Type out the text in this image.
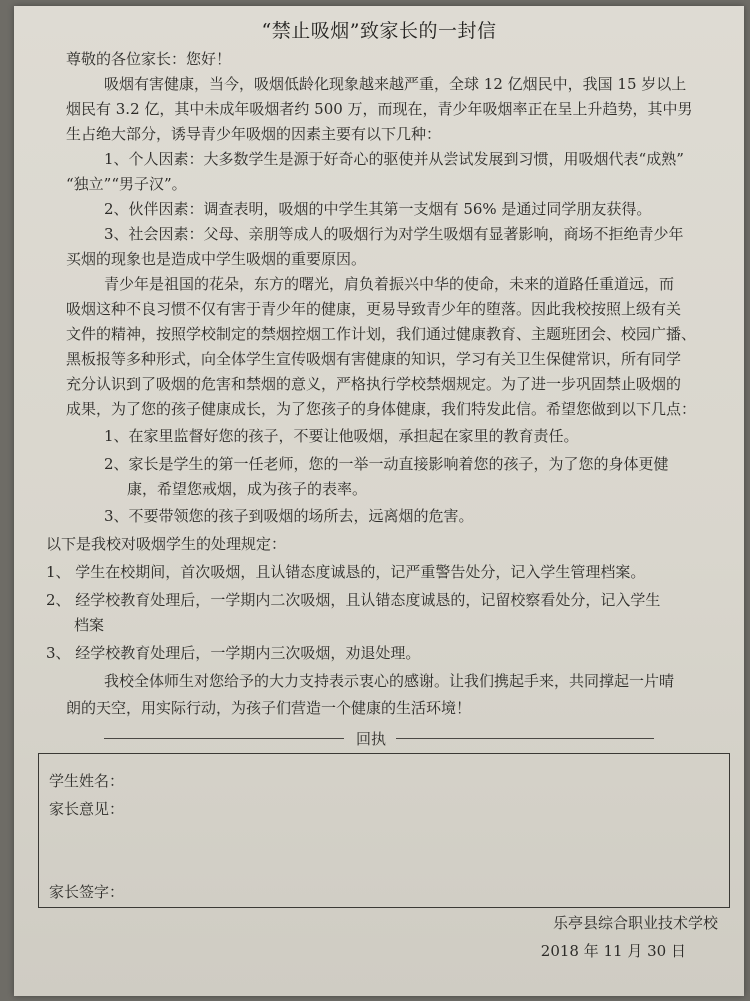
“禁止吸烟”致家长的一封信
尊敬的各位家长：您好！
吸烟有害健康，当今，吸烟低龄化现象越来越严重，全球 12 亿烟民中，我国 15 岁以上
烟民有 3.2 亿，其中未成年吸烟者约 500 万，而现在，青少年吸烟率正在呈上升趋势，其中男
生占绝大部分，诱导青少年吸烟的因素主要有以下几种：
1、个人因素：大多数学生是源于好奇心的驱使并从尝试发展到习惯，用吸烟代表“成熟”
“独立”“男子汉”。
2、伙伴因素：调查表明，吸烟的中学生其第一支烟有 56% 是通过同学朋友获得。
3、社会因素：父母、亲朋等成人的吸烟行为对学生吸烟有显著影响，商场不拒绝青少年
买烟的现象也是造成中学生吸烟的重要原因。
青少年是祖国的花朵，东方的曙光，肩负着振兴中华的使命，未来的道路任重道远，而
吸烟这种不良习惯不仅有害于青少年的健康，更易导致青少年的堕落。因此我校按照上级有关
文件的精神，按照学校制定的禁烟控烟工作计划，我们通过健康教育、主题班团会、校园广播、
黑板报等多种形式，向全体学生宣传吸烟有害健康的知识，学习有关卫生保健常识，所有同学
充分认识到了吸烟的危害和禁烟的意义，严格执行学校禁烟规定。为了进一步巩固禁止吸烟的
成果，为了您的孩子健康成长，为了您孩子的身体健康，我们特发此信。希望您做到以下几点：
1、在家里监督好您的孩子，不要让他吸烟，承担起在家里的教育责任。
2、家长是学生的第一任老师，您的一举一动直接影响着您的孩子，为了您的身体更健
康，希望您戒烟，成为孩子的表率。
3、不要带领您的孩子到吸烟的场所去，远离烟的危害。
以下是我校对吸烟学生的处理规定：
1、 学生在校期间，首次吸烟，且认错态度诚恳的，记严重警告处分，记入学生管理档案。
2、 经学校教育处理后，一学期内二次吸烟，且认错态度诚恳的，记留校察看处分，记入学生
档案
3、 经学校教育处理后，一学期内三次吸烟，劝退处理。
我校全体师生对您给予的大力支持表示衷心的感谢。让我们携起手来，共同撑起一片晴
朗的天空，用实际行动，为孩子们营造一个健康的生活环境！
回执
学生姓名：
家长意见：
家长签字：
乐亭县综合职业技术学校
2018 年 11 月 30 日
